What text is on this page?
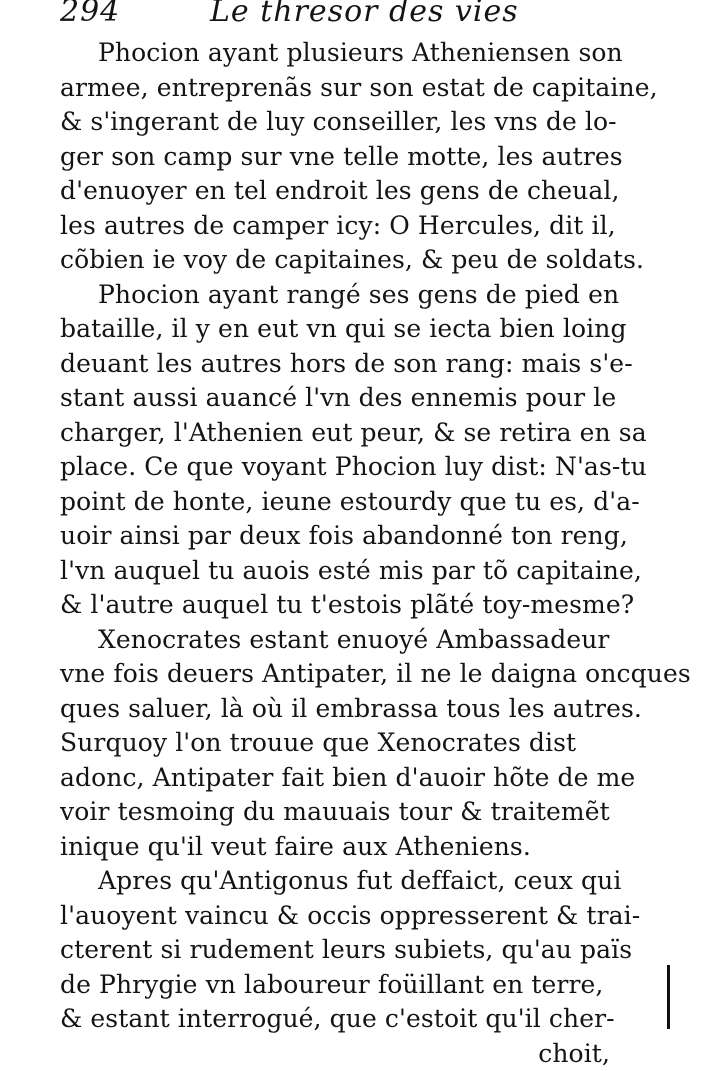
294	Le thresor des vies
Phocion ayant plusieurs Atheniensen son
armee, entreprenãs sur son estat de capitaine,
& s'ingerant de luy conseiller, les vns de lo-
ger son camp sur vne telle motte, les autres
d'enuoyer en tel endroit les gens de cheual,
les autres de camper icy: O Hercules, dit il,
cõbien ie voy de capitaines, & peu de soldats.
Phocion ayant rangé ses gens de pied en
bataille, il y en eut vn qui se iecta bien loing
deuant les autres hors de son rang: mais s'e-
stant aussi auancé l'vn des ennemis pour le
charger, l'Athenien eut peur, & se retira en sa
place. Ce que voyant Phocion luy dist: N'as-tu
point de honte, ieune estourdy que tu es, d'a-
uoir ainsi par deux fois abandonné ton reng,
l'vn auquel tu auois esté mis par tõ capitaine,
& l'autre auquel tu t'estois plãté toy-mesme?
Xenocrates estant enuoyé Ambassadeur
vne fois deuers Antipater, il ne le daigna oncques
ques saluer, là où il embrassa tous les autres.
Surquoy l'on trouue que Xenocrates dist
adonc, Antipater fait bien d'auoir hõte de me
voir tesmoing du mauuais tour & traitemẽt
inique qu'il veut faire aux Atheniens.
Apres qu'Antigonus fut deffaict, ceux qui
l'auoyent vaincu & occis oppresserent & trai-
cterent si rudement leurs subiets, qu'au païs
de Phrygie vn laboureur foüillant en terre,
& estant interrogué, que c'estoit qu'il cher-
choit,
